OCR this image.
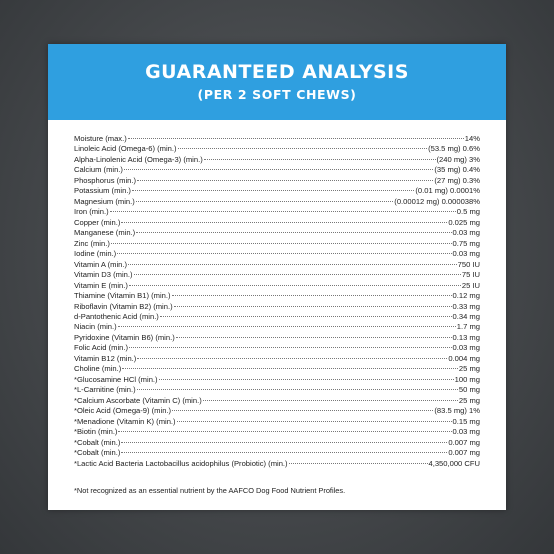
GUARANTEED ANALYSIS
(PER 2 SOFT CHEWS)
Moisture (max.)	14%
Linoleic Acid (Omega-6) (min.)	(53.5 mg) 0.6%
Alpha-Linolenic Acid (Omega-3) (min.)	(240 mg) 3%
Calcium (min.)	(35 mg) 0.4%
Phosphorus (min.)	(27 mg) 0.3%
Potassium (min.)	(0.01 mg) 0.0001%
Magnesium (min.)	(0.00012 mg) 0.000038%
Iron (min.)	0.5 mg
Copper (min.)	0.025 mg
Manganese (min.)	0.03 mg
Zinc (min.)	0.75 mg
Iodine (min.)	0.03 mg
Vitamin A (min.)	750 IU
Vitamin D3 (min.)	75 IU
Vitamin E (min.)	25 IU
Thiamine (Vitamin B1) (min.)	0.12 mg
Riboflavin (Vitamin B2) (min.)	0.33 mg
d-Pantothenic Acid (min.)	0.34 mg
Niacin (min.)	1.7 mg
Pyridoxine (Vitamin B6) (min.)	0.13 mg
Folic Acid (min.)	0.03 mg
Vitamin B12 (min.)	0.004 mg
Choline (min.)	25 mg
*Glucosamine HCl (min.)	100 mg
*L-Carnitine (min.)	50 mg
*Calcium Ascorbate (Vitamin C) (min.)	25 mg
*Oleic Acid (Omega-9) (min.)	(83.5 mg) 1%
*Menadione (Vitamin K) (min.)	0.15 mg
*Biotin (min.)	0.03 mg
*Cobalt (min.)	0.007 mg
*Cobalt (min.)	0.007 mg
*Lactic Acid Bacteria Lactobacillus acidophilus (Probiotic) (min.)	4,350,000 CFU
*Not recognized as an essential nutrient by the AAFCO Dog Food Nutrient Profiles.
